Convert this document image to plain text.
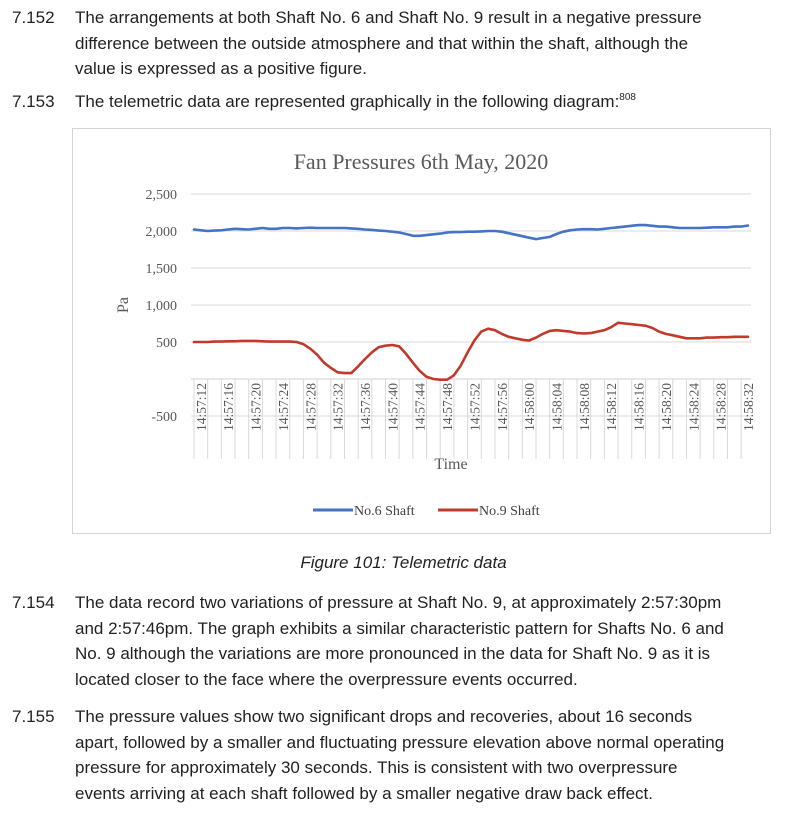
7.152 The arrangements at both Shaft No. 6 and Shaft No. 9 result in a negative pressure
difference between the outside atmosphere and that within the shaft, although the
value is expressed as a positive figure.
7.153 The telemetric data are represented graphically in the following diagram:$^{808}$
Fan Pressures 6th May, 2020
-500
500
1,000
1,500
2,000
2,500
Pa
14:57:12 14:57:16 14:57:20 14:57:24 14:57:28 14:57:32 14:57:36 14:57:40 14:57:44 14:57:48 14:57:52 14:57:56 14:58:00 14:58:04 14:58:08 14:58:12 14:58:16 14:58:20 14:58:24 14:58:28 14:58:32
Time
No.6 Shaft	No.9 Shaft
Figure 101: Telemetric data
7.154 The data record two variations of pressure at Shaft No. 9, at approximately 2:57:30pm
and 2:57:46pm. The graph exhibits a similar characteristic pattern for Shafts No. 6 and
No. 9 although the variations are more pronounced in the data for Shaft No. 9 as it is
located closer to the face where the overpressure events occurred.
7.155 The pressure values show two significant drops and recoveries, about 16 seconds
apart, followed by a smaller and fluctuating pressure elevation above normal operating
pressure for approximately 30 seconds. This is consistent with two overpressure
events arriving at each shaft followed by a smaller negative draw back effect.
